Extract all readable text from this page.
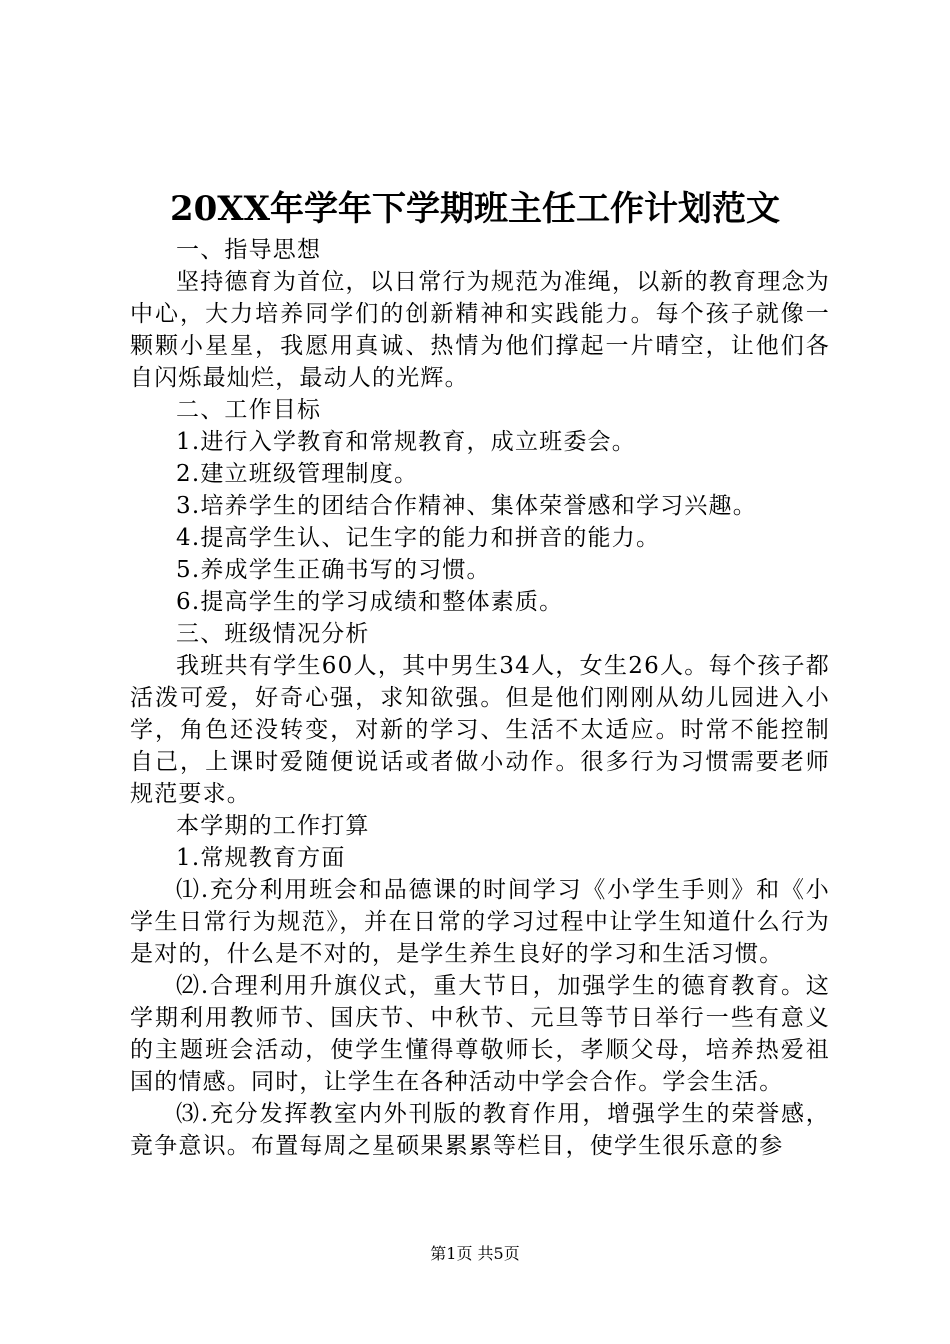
20XX年学年下学期班主任工作计划范文

一、指导思想

坚持德育为首位，以日常行为规范为准绳，以新的教育理念为中心，大力培养同学们的创新精神和实践能力。每个孩子就像一颗颗小星星，我愿用真诚、热情为他们撑起一片晴空，让他们各自闪烁最灿烂，最动人的光辉。

二、工作目标

1.进行入学教育和常规教育，成立班委会。

2.建立班级管理制度。

3.培养学生的团结合作精神、集体荣誉感和学习兴趣。

4.提高学生认、记生字的能力和拼音的能力。

5.养成学生正确书写的习惯。

6.提高学生的学习成绩和整体素质。

三、班级情况分析

我班共有学生60人，其中男生34人，女生26人。每个孩子都活泼可爱，好奇心强，求知欲强。但是他们刚刚从幼儿园进入小学，角色还没转变，对新的学习、生活不太适应。时常不能控制自己，上课时爱随便说话或者做小动作。很多行为习惯需要老师规范要求。

本学期的工作打算

1.常规教育方面

⑴.充分利用班会和品德课的时间学习《小学生手则》和《小学生日常行为规范》，并在日常的学习过程中让学生知道什么行为是对的，什么是不对的，是学生养生良好的学习和生活习惯。

⑵.合理利用升旗仪式，重大节日，加强学生的德育教育。这学期利用教师节、国庆节、中秋节、元旦等节日举行一些有意义的主题班会活动，使学生懂得尊敬师长，孝顺父母，培养热爱祖国的情感。同时，让学生在各种活动中学会合作。学会生活。

⑶.充分发挥教室内外刊版的教育作用，增强学生的荣誉感，竟争意识。布置每周之星硕果累累等栏目，使学生很乐意的参

第1页 共5页
